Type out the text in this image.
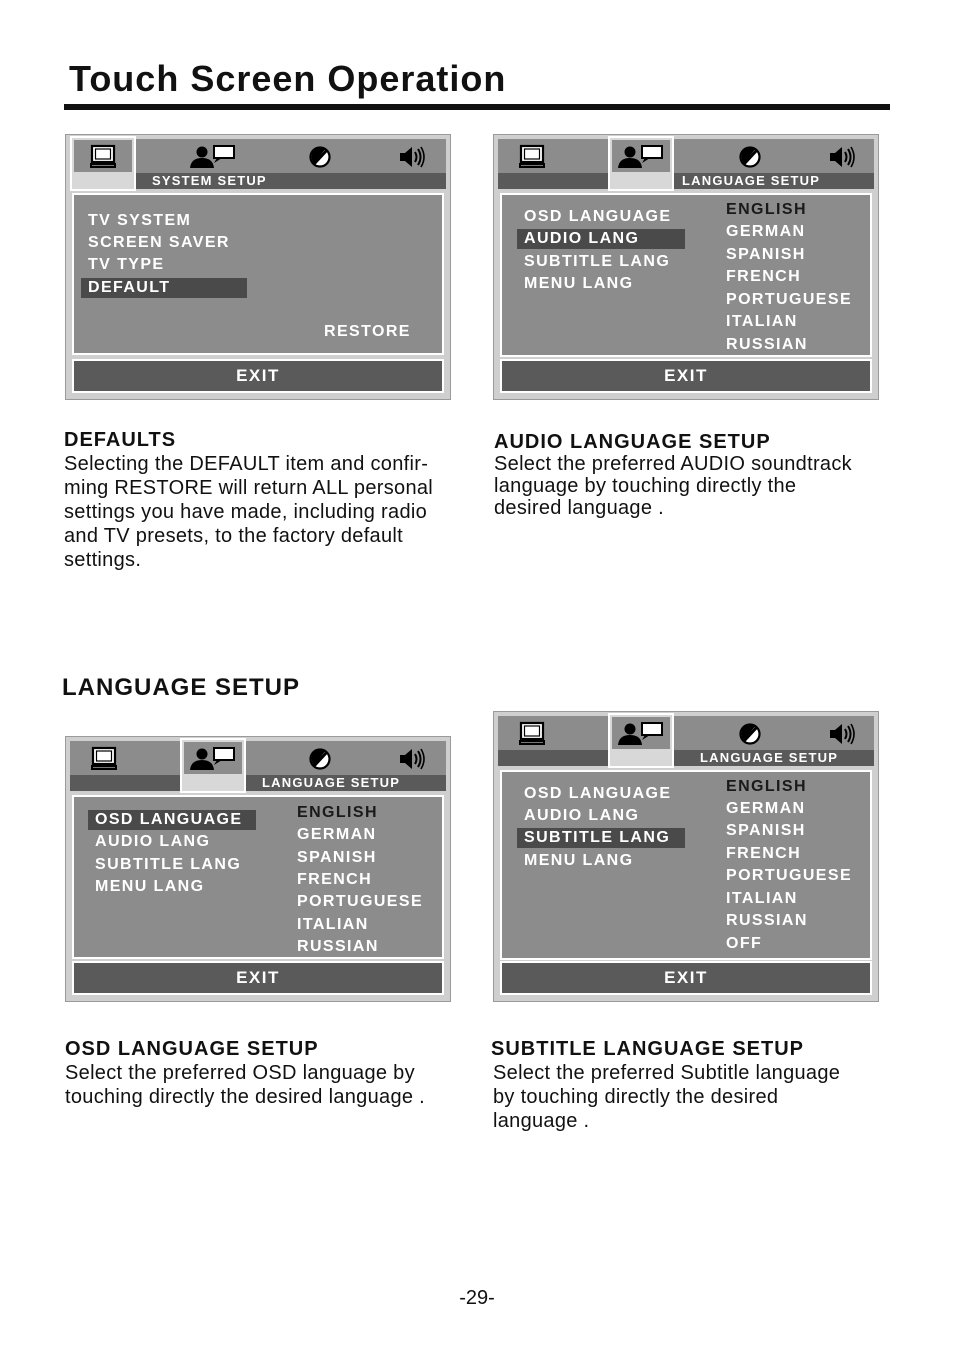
Touch Screen Operation
SYSTEM SETUP
TV SYSTEM
SCREEN SAVER
TV TYPE
DEFAULT
RESTORE
EXIT
LANGUAGE SETUP
OSD LANGUAGE
AUDIO LANG
SUBTITLE LANG
MENU LANG
ENGLISH
GERMAN
SPANISH
FRENCH
PORTUGUESE
ITALIAN
RUSSIAN
EXIT
DEFAULTS
Selecting the DEFAULT item and confir-
ming RESTORE will return ALL personal
settings you have made, including radio
and TV presets, to the factory default
settings.
AUDIO LANGUAGE SETUP
Select the preferred AUDIO soundtrack
language by touching directly the
desired language .
LANGUAGE SETUP
LANGUAGE SETUP
OSD LANGUAGE
AUDIO LANG
SUBTITLE LANG
MENU LANG
ENGLISH
GERMAN
SPANISH
FRENCH
PORTUGUESE
ITALIAN
RUSSIAN
EXIT
LANGUAGE SETUP
OSD LANGUAGE
AUDIO LANG
SUBTITLE LANG
MENU LANG
ENGLISH
GERMAN
SPANISH
FRENCH
PORTUGUESE
ITALIAN
RUSSIAN
OFF
EXIT
OSD LANGUAGE SETUP
Select the preferred OSD language by
touching directly the desired language .
SUBTITLE LANGUAGE SETUP
Select the preferred Subtitle language
by touching directly the desired
language .
-29-
